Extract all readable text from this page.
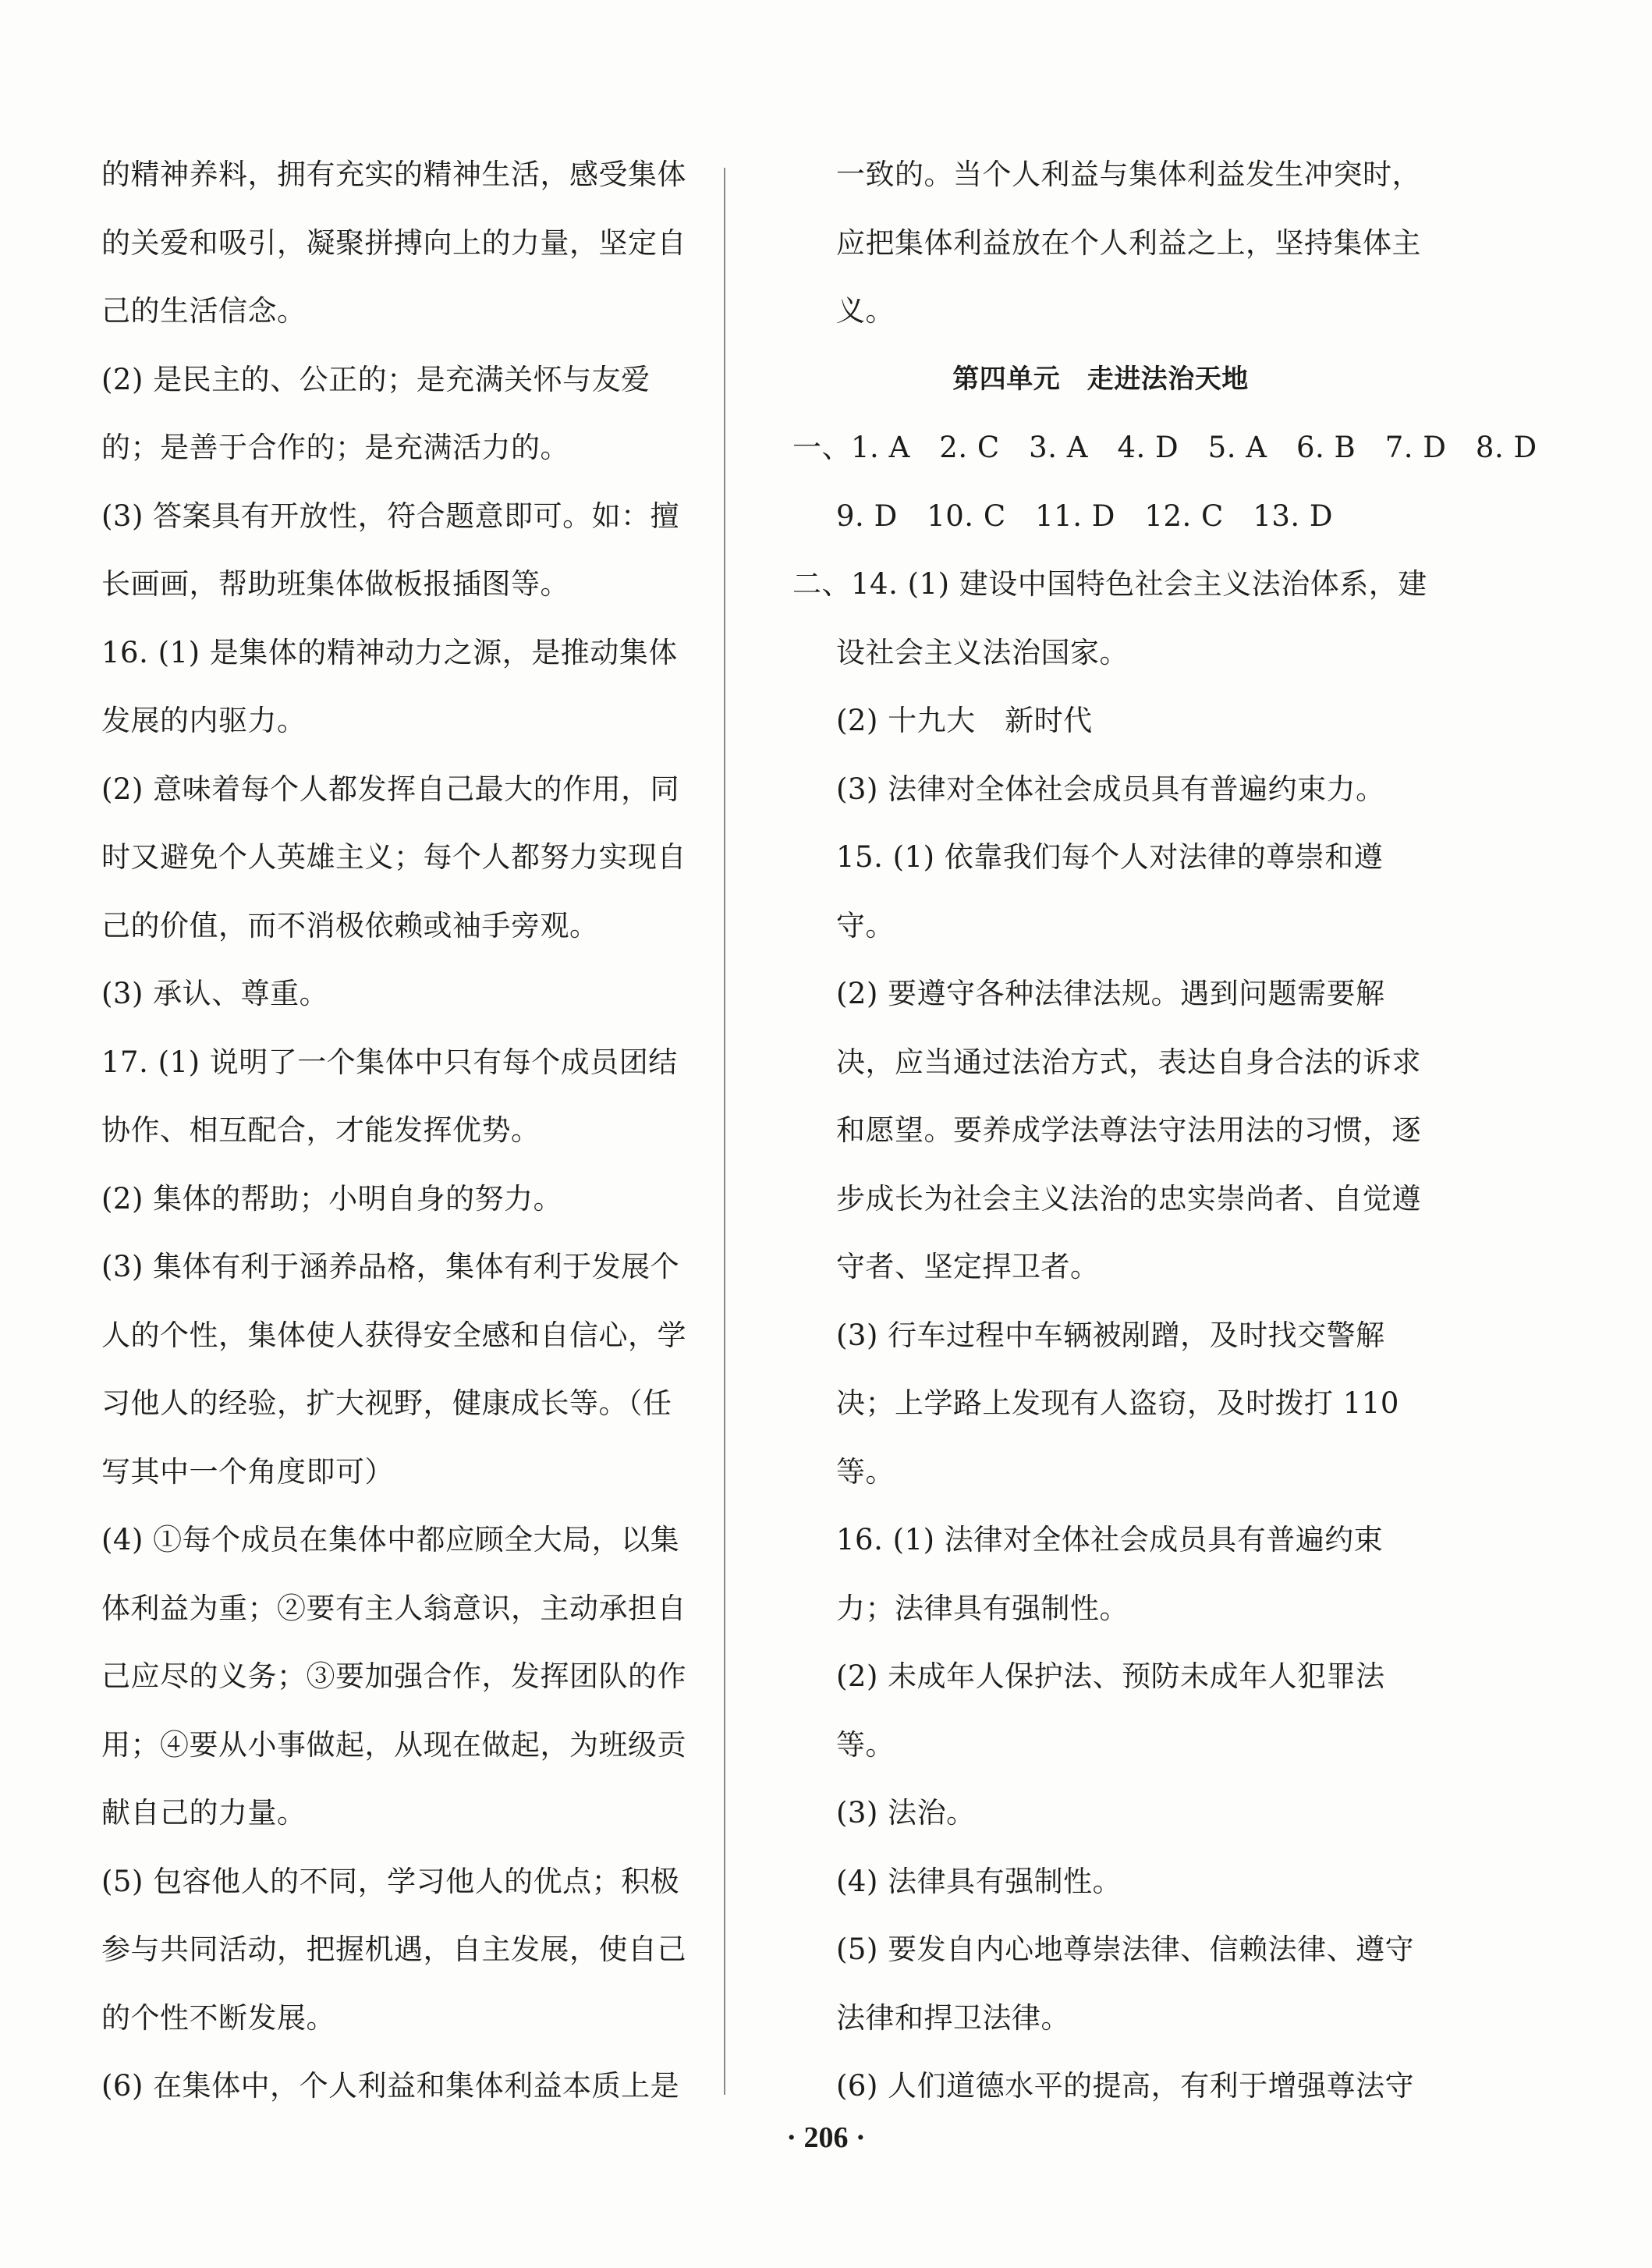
的精神养料，拥有充实的精神生活，感受集体
的关爱和吸引，凝聚拼搏向上的力量，坚定自
己的生活信念。
(2) 是民主的、公正的；是充满关怀与友爱
的；是善于合作的；是充满活力的。
(3) 答案具有开放性，符合题意即可。如：擅
长画画，帮助班集体做板报插图等。
16. (1) 是集体的精神动力之源，是推动集体
发展的内驱力。
(2) 意味着每个人都发挥自己最大的作用，同
时又避免个人英雄主义；每个人都努力实现自
己的价值，而不消极依赖或袖手旁观。
(3) 承认、尊重。
17. (1) 说明了一个集体中只有每个成员团结
协作、相互配合，才能发挥优势。
(2) 集体的帮助；小明自身的努力。
(3) 集体有利于涵养品格，集体有利于发展个
人的个性，集体使人获得安全感和自信心，学
习他人的经验，扩大视野，健康成长等。（任
写其中一个角度即可）
(4) ①每个成员在集体中都应顾全大局，以集
体利益为重；②要有主人翁意识，主动承担自
己应尽的义务；③要加强合作，发挥团队的作
用；④要从小事做起，从现在做起，为班级贡
献自己的力量。
(5) 包容他人的不同，学习他人的优点；积极
参与共同活动，把握机遇，自主发展，使自己
的个性不断发展。
(6) 在集体中，个人利益和集体利益本质上是
一致的。当个人利益与集体利益发生冲突时，
应把集体利益放在个人利益之上，坚持集体主
义。
第四单元　走进法治天地
一、1. A　2. C　3. A　4. D　5. A　6. B　7. D　8. D
9. D　10. C　11. D　12. C　13. D
二、14. (1) 建设中国特色社会主义法治体系，建
设社会主义法治国家。
(2) 十九大　新时代
(3) 法律对全体社会成员具有普遍约束力。
15. (1) 依靠我们每个人对法律的尊崇和遵
守。
(2) 要遵守各种法律法规。遇到问题需要解
决，应当通过法治方式，表达自身合法的诉求
和愿望。要养成学法尊法守法用法的习惯，逐
步成长为社会主义法治的忠实崇尚者、自觉遵
守者、坚定捍卫者。
(3) 行车过程中车辆被剐蹭，及时找交警解
决；上学路上发现有人盗窃，及时拨打 110
等。
16. (1) 法律对全体社会成员具有普遍约束
力；法律具有强制性。
(2) 未成年人保护法、预防未成年人犯罪法
等。
(3) 法治。
(4) 法律具有强制性。
(5) 要发自内心地尊崇法律、信赖法律、遵守
法律和捍卫法律。
(6) 人们道德水平的提高，有利于增强尊法守
· 206 ·
